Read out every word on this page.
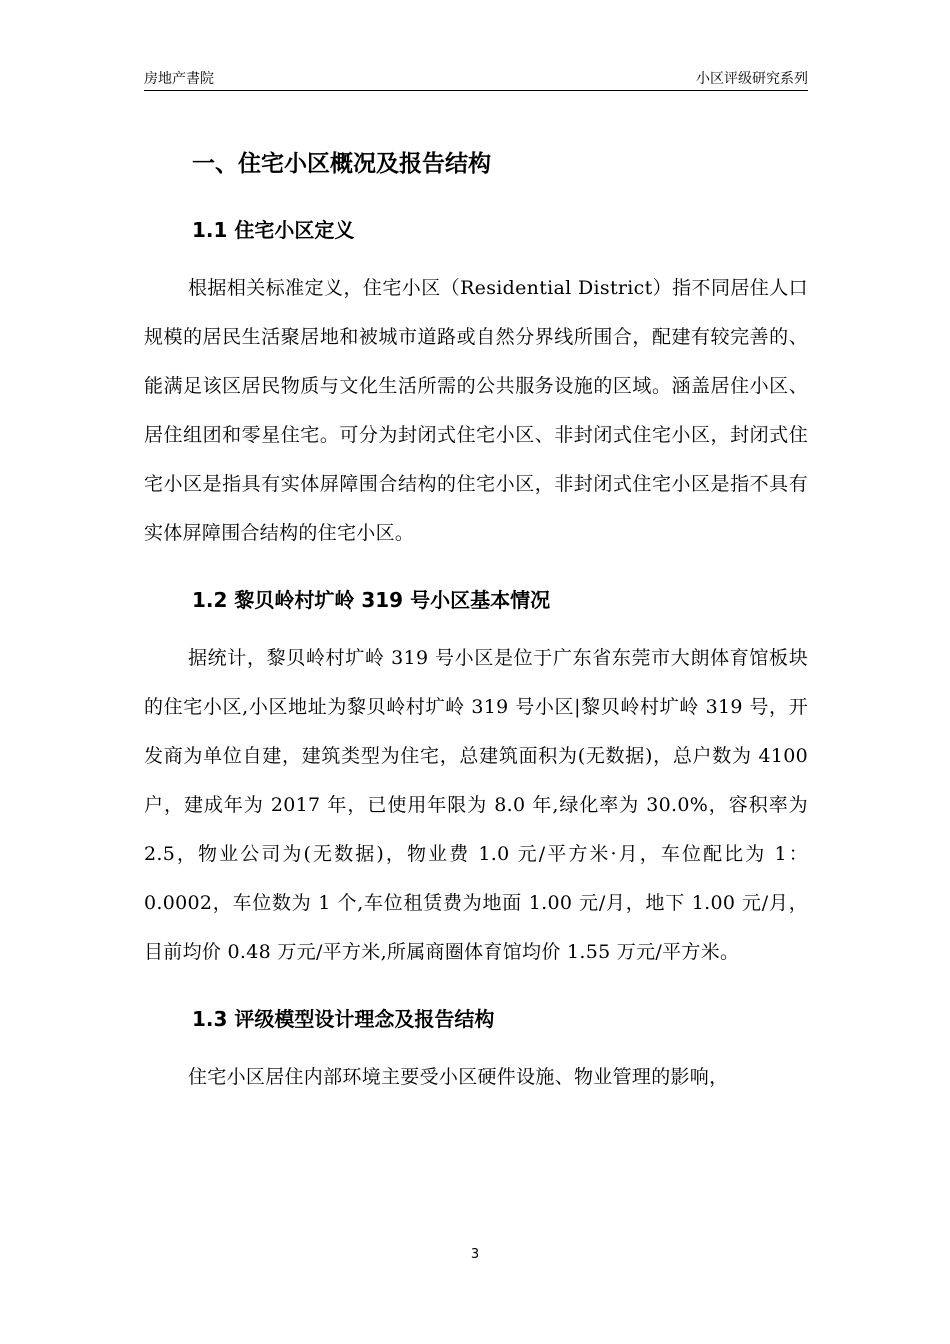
房地产書院	小区评级研究系列
一、住宅小区概况及报告结构
1.1 住宅小区定义

根据相关标准定义，住宅小区（Residential District）指不同居住人口规模的居民生活聚居地和被城市道路或自然分界线所围合，配建有较完善的、能满足该区居民物质与文化生活所需的公共服务设施的区域。涵盖居住小区、居住组团和零星住宅。可分为封闭式住宅小区、非封闭式住宅小区，封闭式住宅小区是指具有实体屏障围合结构的住宅小区，非封闭式住宅小区是指不具有实体屏障围合结构的住宅小区。

1.2 黎贝岭村圹岭 319 号小区基本情况

据统计，黎贝岭村圹岭 319 号小区是位于广东省东莞市大朗体育馆板块的住宅小区,小区地址为黎贝岭村圹岭 319 号小区|黎贝岭村圹岭 319 号，开发商为单位自建，建筑类型为住宅，总建筑面积为(无数据)，总户数为 4100 户，建成年为 2017 年，已使用年限为 8.0 年,绿化率为 30.0%，容积率为 2.5，物业公司为(无数据)，物业费 1.0 元/平方米·月，车位配比为 1：0.0002，车位数为 1 个,车位租赁费为地面 1.00 元/月，地下 1.00 元/月，目前均价 0.48 万元/平方米,所属商圈体育馆均价 1.55 万元/平方米。

1.3 评级模型设计理念及报告结构

住宅小区居住内部环境主要受小区硬件设施、物业管理的影响，

3
